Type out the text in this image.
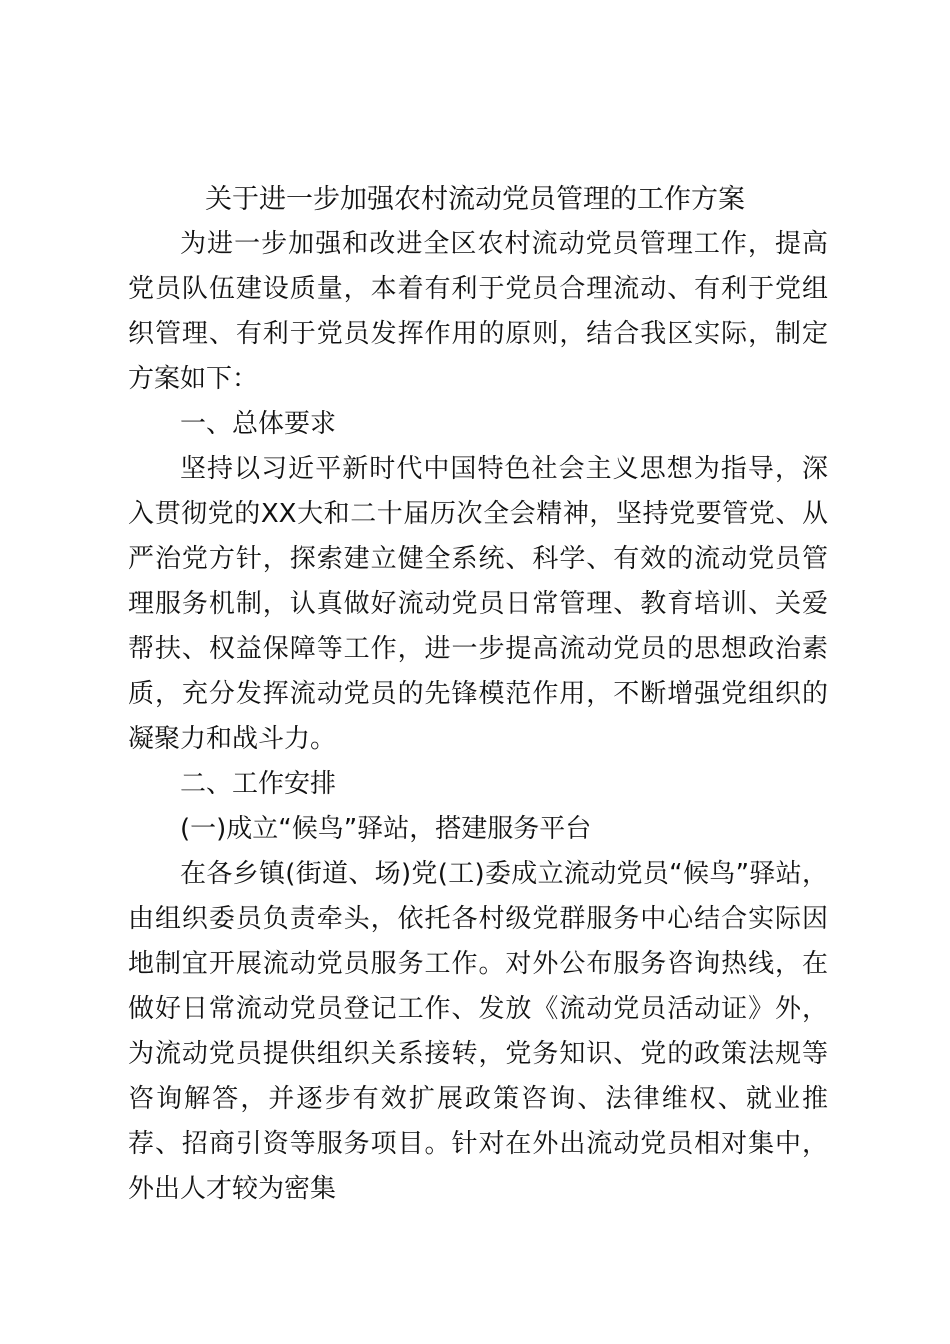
关于进一步加强农村流动党员管理的工作方案

为进一步加强和改进全区农村流动党员管理工作，提高党员队伍建设质量，本着有利于党员合理流动、有利于党组织管理、有利于党员发挥作用的原则，结合我区实际，制定方案如下：

一、总体要求

坚持以习近平新时代中国特色社会主义思想为指导，深入贯彻党的XX大和二十届历次全会精神，坚持党要管党、从严治党方针，探索建立健全系统、科学、有效的流动党员管理服务机制，认真做好流动党员日常管理、教育培训、关爱帮扶、权益保障等工作，进一步提高流动党员的思想政治素质，充分发挥流动党员的先锋模范作用，不断增强党组织的凝聚力和战斗力。

二、工作安排

(一)成立“候鸟”驿站，搭建服务平台

在各乡镇(街道、场)党(工)委成立流动党员“候鸟”驿站，由组织委员负责牵头，依托各村级党群服务中心结合实际因地制宜开展流动党员服务工作。对外公布服务咨询热线，在做好日常流动党员登记工作、发放《流动党员活动证》外，为流动党员提供组织关系接转，党务知识、党的政策法规等咨询解答，并逐步有效扩展政策咨询、法律维权、就业推荐、招商引资等服务项目。针对在外出流动党员相对集中，外出人才较为密集
